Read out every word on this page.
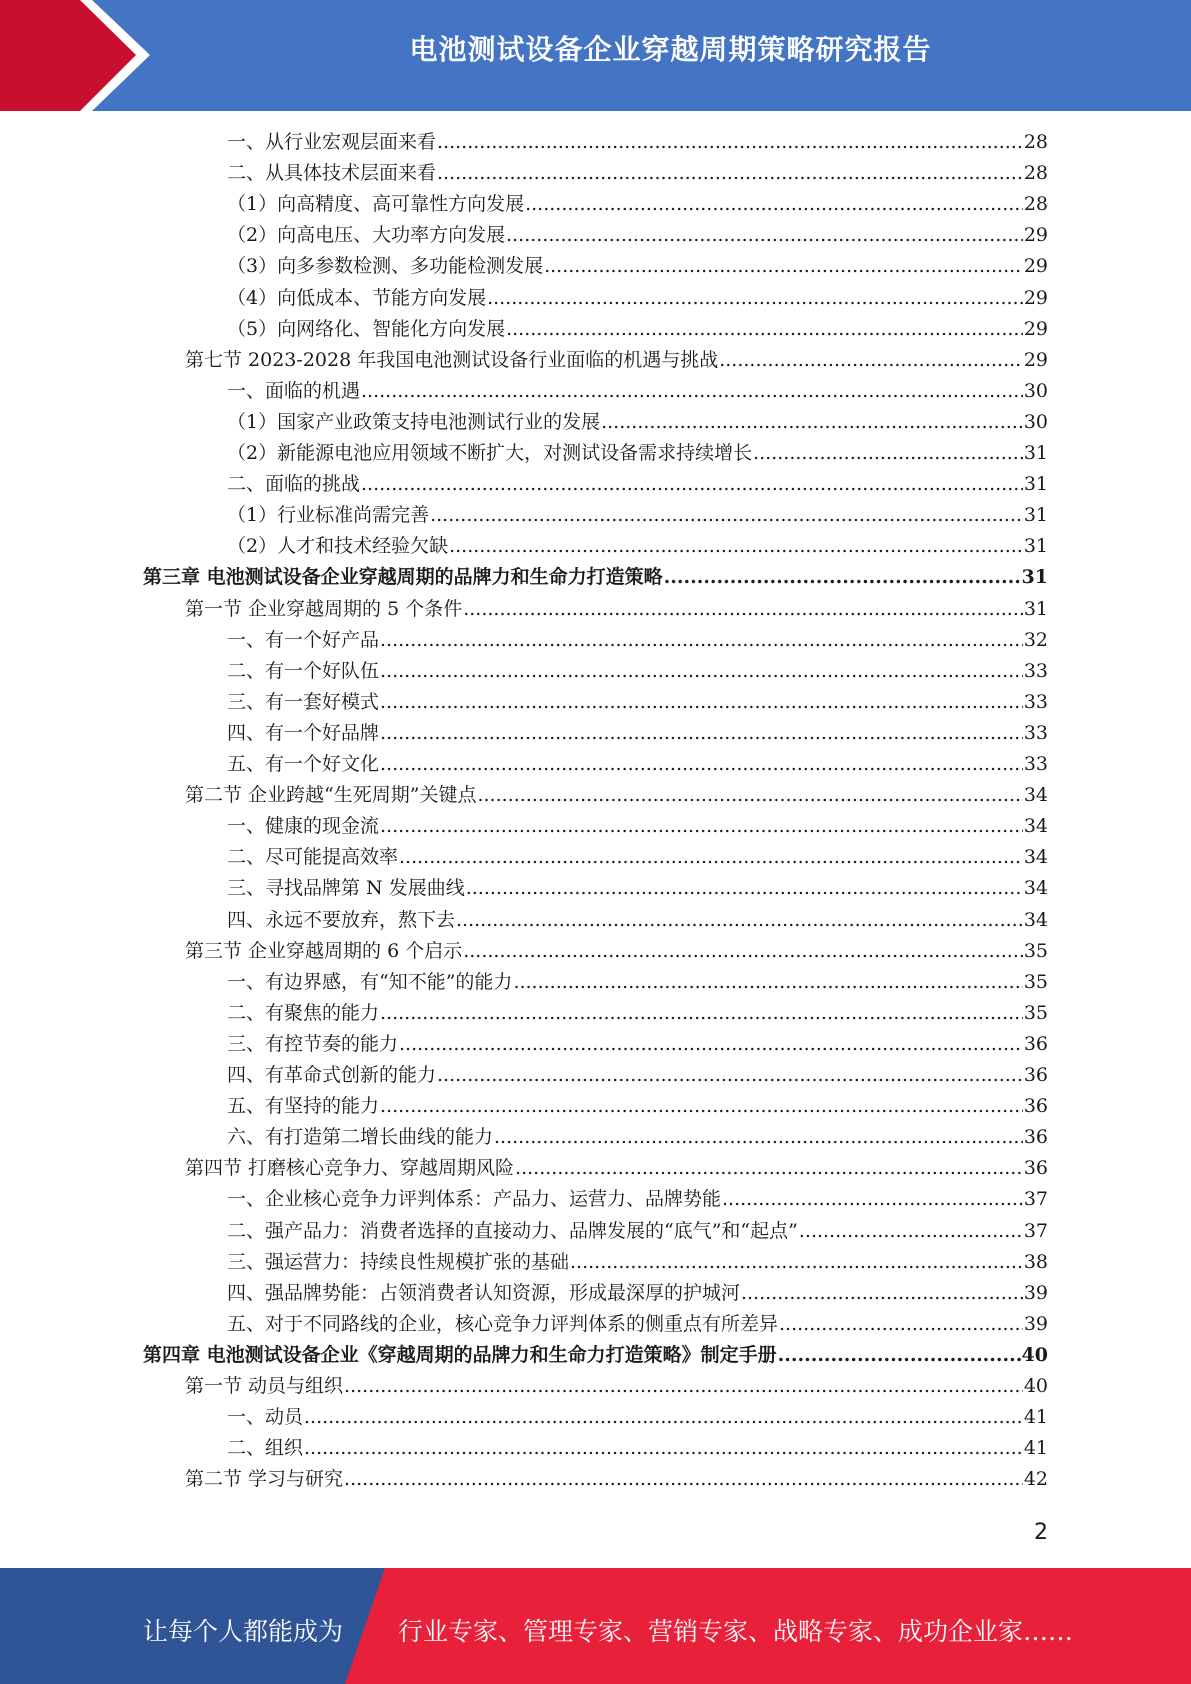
电池测试设备企业穿越周期策略研究报告
一、从行业宏观层面来看 .....	28
二、从具体技术层面来看 .....	28
（1）向高精度、高可靠性方向发展 .....	28
（2）向高电压、大功率方向发展 .....	29
（3）向多参数检测、多功能检测发展 .....	29
（4）向低成本、节能方向发展 .....	29
（5）向网络化、智能化方向发展 .....	29
第七节 2023-2028 年我国电池测试设备行业面临的机遇与挑战 .....	29
一、面临的机遇 .....	30
（1）国家产业政策支持电池测试行业的发展 .....	30
（2）新能源电池应用领域不断扩大，对测试设备需求持续增长 .....	31
二、面临的挑战 .....	31
（1）行业标准尚需完善 .....	31
（2）人才和技术经验欠缺 .....	31
第三章 电池测试设备企业穿越周期的品牌力和生命力打造策略 .....	31
第一节 企业穿越周期的 5 个条件 .....	31
一、有一个好产品 .....	32
二、有一个好队伍 .....	33
三、有一套好模式 .....	33
四、有一个好品牌 .....	33
五、有一个好文化 .....	33
第二节 企业跨越“生死周期”关键点 .....	34
一、健康的现金流 .....	34
二、尽可能提高效率 .....	34
三、寻找品牌第 N 发展曲线 .....	34
四、永远不要放弃，熬下去 .....	34
第三节 企业穿越周期的 6 个启示 .....	35
一、有边界感，有“知不能”的能力 .....	35
二、有聚焦的能力 .....	35
三、有控节奏的能力 .....	36
四、有革命式创新的能力 .....	36
五、有坚持的能力 .....	36
六、有打造第二增长曲线的能力 .....	36
第四节 打磨核心竞争力、穿越周期风险 .....	36
一、企业核心竞争力评判体系：产品力、运营力、品牌势能 .....	37
二、强产品力：消费者选择的直接动力、品牌发展的“底气”和“起点” .....	37
三、强运营力：持续良性规模扩张的基础 .....	38
四、强品牌势能：占领消费者认知资源，形成最深厚的护城河 .....	39
五、对于不同路线的企业，核心竞争力评判体系的侧重点有所差异 .....	39
第四章 电池测试设备企业《穿越周期的品牌力和生命力打造策略》制定手册 .....	40
第一节 动员与组织 .....	40
一、动员 .....	41
二、组织 .....	41
第二节 学习与研究 .....	42
2
让每个人都能成为 行业专家、管理专家、营销专家、战略专家、成功企业家……
